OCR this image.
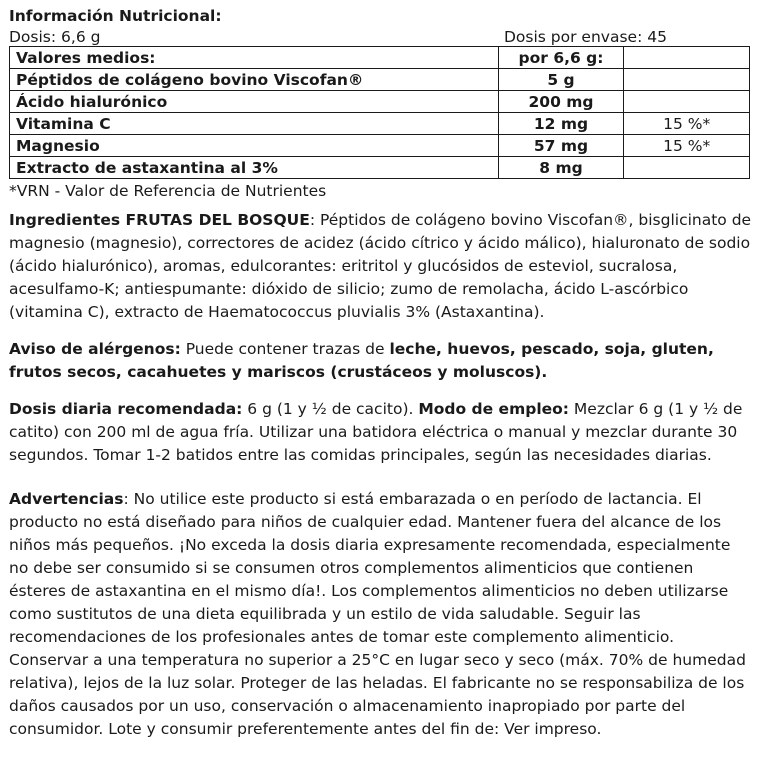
Información Nutricional:
Dosis: 6,6 g	Dosis por envase: 45
Valores medios:	por 6,6 g:	
Péptidos de colágeno bovino Viscofan®	5 g	
Ácido hialurónico	200 mg	
Vitamina C	12 mg	15 %*
Magnesio	57 mg	15 %*
Extracto de astaxantina al 3%	8 mg	
*VRN - Valor de Referencia de Nutrientes

Ingredientes FRUTAS DEL BOSQUE: Péptidos de colágeno bovino Viscofan®, bisglicinato de magnesio (magnesio), correctores de acidez (ácido cítrico y ácido málico), hialuronato de sodio (ácido hialurónico), aromas, edulcorantes: eritritol y glucósidos de esteviol, sucralosa, acesulfamo-K; antiespumante: dióxido de silicio; zumo de remolacha, ácido L-ascórbico (vitamina C), extracto de Haematococcus pluvialis 3% (Astaxantina).

Aviso de alérgenos: Puede contener trazas de leche, huevos, pescado, soja, gluten, frutos secos, cacahuetes y mariscos (crustáceos y moluscos).

Dosis diaria recomendada: 6 g (1 y ½ de cacito). Modo de empleo: Mezclar 6 g (1 y ½ de catito) con 200 ml de agua fría. Utilizar una batidora eléctrica o manual y mezclar durante 30 segundos. Tomar 1-2 batidos entre las comidas principales, según las necesidades diarias.

Advertencias: No utilice este producto si está embarazada o en período de lactancia. El producto no está diseñado para niños de cualquier edad. Mantener fuera del alcance de los niños más pequeños. ¡No exceda la dosis diaria expresamente recomendada, especialmente no debe ser consumido si se consumen otros complementos alimenticios que contienen ésteres de astaxantina en el mismo día!. Los complementos alimenticios no deben utilizarse como sustitutos de una dieta equilibrada y un estilo de vida saludable. Seguir las recomendaciones de los profesionales antes de tomar este complemento alimenticio. Conservar a una temperatura no superior a 25°C en lugar seco y seco (máx. 70% de humedad relativa), lejos de la luz solar. Proteger de las heladas. El fabricante no se responsabiliza de los daños causados por un uso, conservación o almacenamiento inapropiado por parte del consumidor. Lote y consumir preferentemente antes del fin de: Ver impreso.
